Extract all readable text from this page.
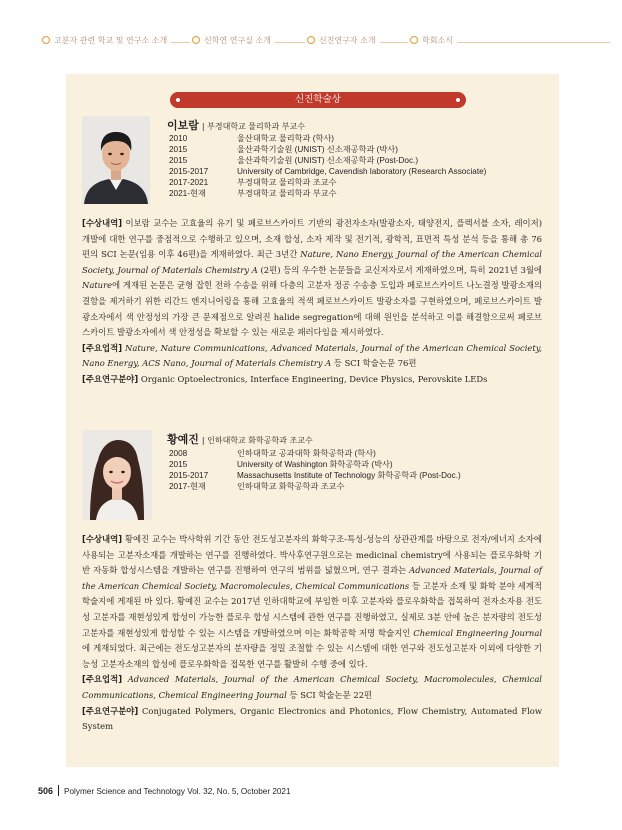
고분자 관련 학교 및 연구소 소개	신학연 연구실 소개	신진연구자 소개	학회소식
신진학술상
이보람 | 부경대학교 물리학과 부교수
2010	울산대학교 물리학과 (학사)
2015	울산과학기술원 (UNIST) 신소재공학과 (박사)
2015	울산과학기술원 (UNIST) 신소재공학과 (Post-Doc.)
2015-2017	University of Cambridge, Cavendish laboratory (Research Associate)
2017-2021	부경대학교 물리학과 조교수
2021-현재	부경대학교 물리학과 부교수
[수상내역] 이보람 교수는 고효율의 유기 및 페로브스카이트 기반의 광전자소자(발광소자, 태양전지, 플렉서블 소자, 레이저) 개발에 대한 연구를 중점적으로 수행하고 있으며, 소재 합성, 소자 제작 및 전기적, 광학적, 표면적 특성 분석 등을 통해 총 76편의 SCI 논문(임용 이후 46편)을 게재하였다. 최근 3년간 Nature, Nano Energy, Journal of the American Chemical Society, Journal of Materials Chemistry A (2편) 등의 우수한 논문들을 교신저자로서 게재하였으며, 특히 2021년 3월에 Nature에 게재된 논문은 균형 잡힌 전하 수송을 위해 다층의 고분자 정공 수송층 도입과 페로브스카이트 나노결정 발광소재의 결함을 제거하기 위한 리간드 엔지니어링을 통해 고효율의 적색 페로브스카이트 발광소자를 구현하였으며, 페로브스카이트 발광소자에서 색 안정성의 가장 큰 문제점으로 알려진 halide segregation에 대해 원인을 분석하고 이를 해결함으로써 페로브스카이트 발광소자에서 색 안정성을 확보할 수 있는 새로운 패러다임을 제시하였다.
[주요업적] Nature, Nature Communications, Advanced Materials, Journal of the American Chemical Society, Nano Energy, ACS Nano, Journal of Materials Chemistry A 등 SCI 학술논문 76편
[주요연구분야] Organic Optoelectronics, Interface Engineering, Device Physics, Perovskite LEDs
황예진 | 인하대학교 화학공학과 조교수
2008	인하대학교 공과대학 화학공학과 (학사)
2015	University of Washington 화학공학과 (박사)
2015-2017	Massachusetts Institute of Technology 화학공학과 (Post-Doc.)
2017-현재	인하대학교 화학공학과 조교수
[수상내역] 황예진 교수는 박사학위 기간 동안 전도성고분자의 화학구조-특성-성능의 상관관계를 바탕으로 전자/에너지 소자에 사용되는 고분자소재를 개발하는 연구를 진행하였다. 박사후연구원으로는 medicinal chemistry에 사용되는 플로우화학 기반 자동화 합성시스템을 개발하는 연구를 진행하여 연구의 범위를 넓혔으며, 연구 결과는 Advanced Materials, Journal of the American Chemical Society, Macromolecules, Chemical Communications 등 고분자 소재 및 화학 분야 세계적 학술지에 게재된 바 있다. 황예진 교수는 2017년 인하대학교에 부임한 이후 고분자와 플로우화학을 접목하여 전자소자용 전도성 고분자를 재현성있게 합성이 가능한 플로우 합성 시스템에 관한 연구를 진행하였고, 실제로 3분 안에 높은 분자량의 전도성고분자를 재현성있게 합성할 수 있는 시스템을 개발하였으며 이는 화학공학 저명 학술지인 Chemical Engineering Journal에 게재되었다. 최근에는 전도성고분자의 분자량을 정밀 조절할 수 있는 시스템에 대한 연구와 전도성고분자 이외에 다양한 기능성 고분자소재의 합성에 플로우화학을 접목한 연구를 활발히 수행 중에 있다.
[주요업적] Advanced Materials, Journal of the American Chemical Society, Macromolecules, Chemical Communications, Chemical Engineering Journal 등 SCI 학술논문 22편
[주요연구분야] Conjugated Polymers, Organic Electronics and Photonics, Flow Chemistry, Automated Flow System
506 Polymer Science and Technology Vol. 32, No. 5, October 2021
